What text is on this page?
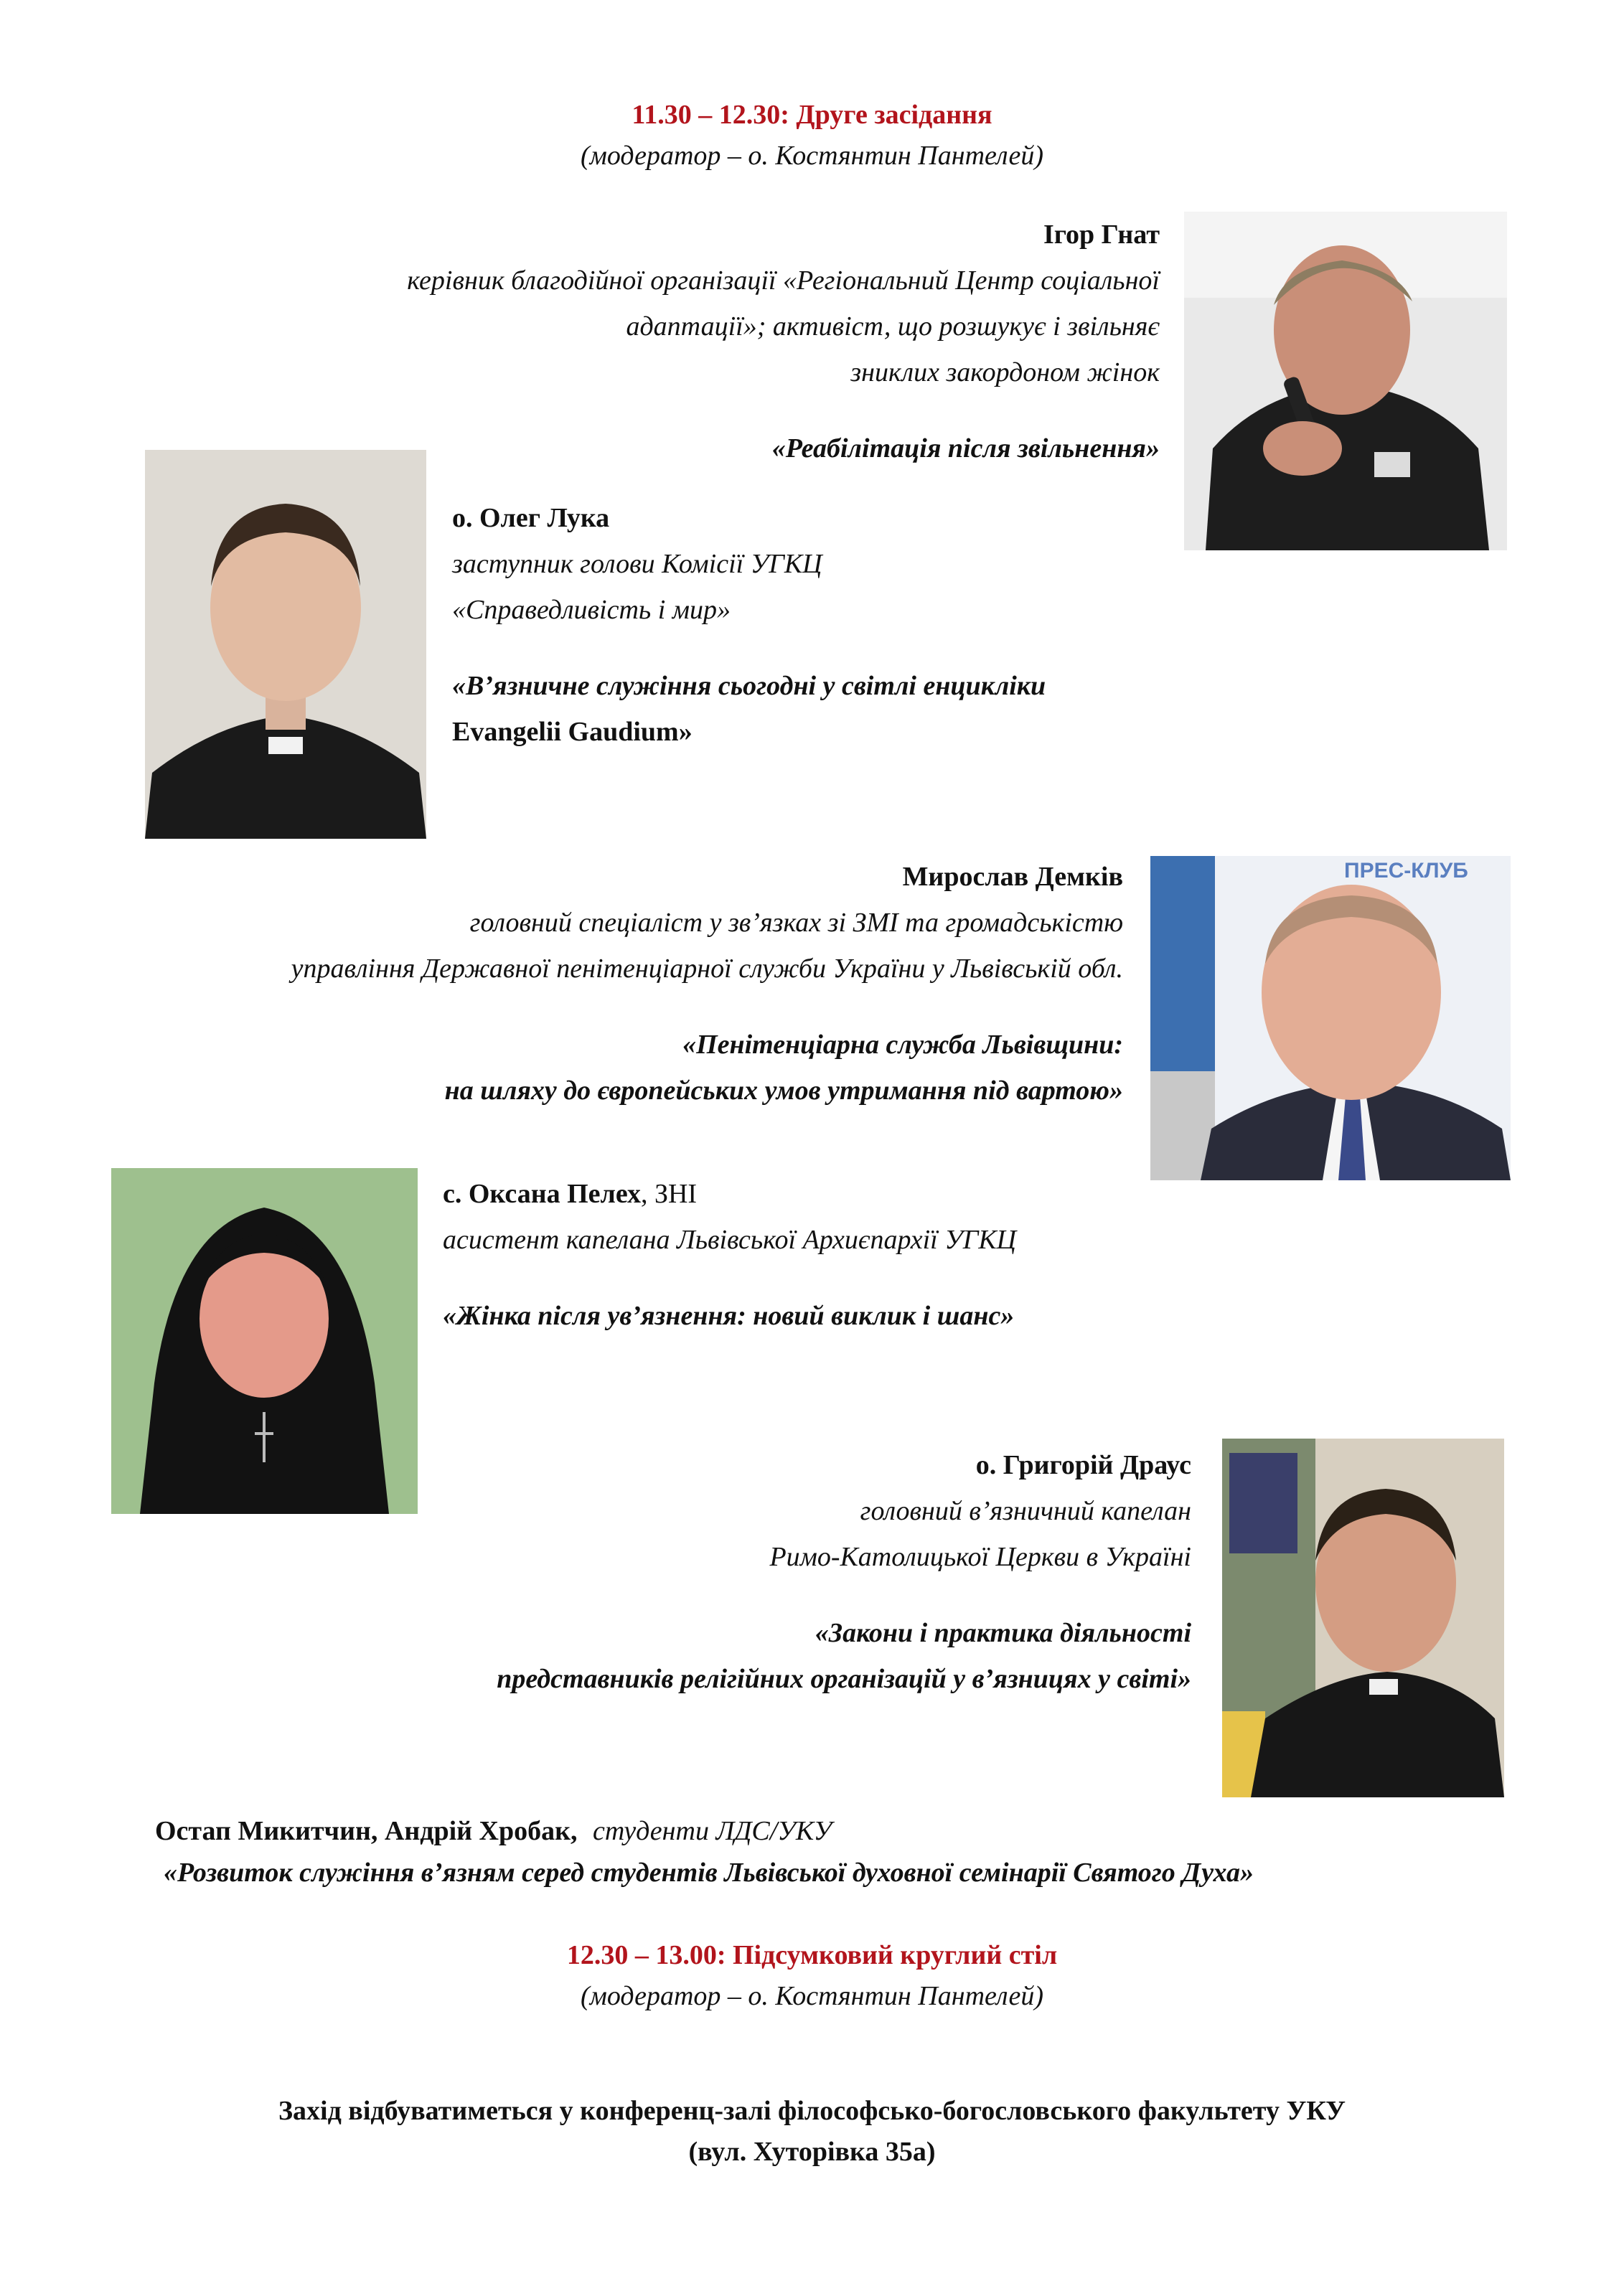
11.30 – 12.30: Друге засідання
(модератор – о. Костянтин Пантелей)
Ігор Гнат
керівник благодійної організації «Регіональний Центр соціальної
адаптації»; активіст, що розшукує і звільняє
зниклих закордоном жінок
«Реабілітація після звільнення»
о. Олег Лука
заступник голови Комісії УГКЦ
«Справедливість і мир»
«В’язничне служіння сьогодні у світлі енцикліки
Evangelii Gaudium»
Мирослав Демків
головний спеціаліст у зв’язках зі ЗМІ та громадськістю
управління Державної пенітенціарної служби України у Львівській обл.
«Пенітенціарна служба Львівщини:
на шляху до європейських умов утримання під вартою»
ПРЕС-КЛУБ
с. Оксана Пелех, ЗНІ
асистент капелана Львівської Архиєпархії УГКЦ
«Жінка після ув’язнення: новий виклик і шанс»
о. Григорій Драус
головний в’язничний капелан
Римо-Католицької Церкви в Україні
«Закони і практика діяльності
представників релігійних організацій у в’язницях у світі»
Остап Микитчин, Андрій Хробак, студенти ЛДС/УКУ
«Розвиток служіння в’язням серед студентів Львівської духовної семінарії Святого Духа»
12.30 – 13.00: Підсумковий круглий стіл
(модератор – о. Костянтин Пантелей)
Захід відбуватиметься у конференц-залі філософсько-богословського факультету УКУ
(вул. Хуторівка 35а)
